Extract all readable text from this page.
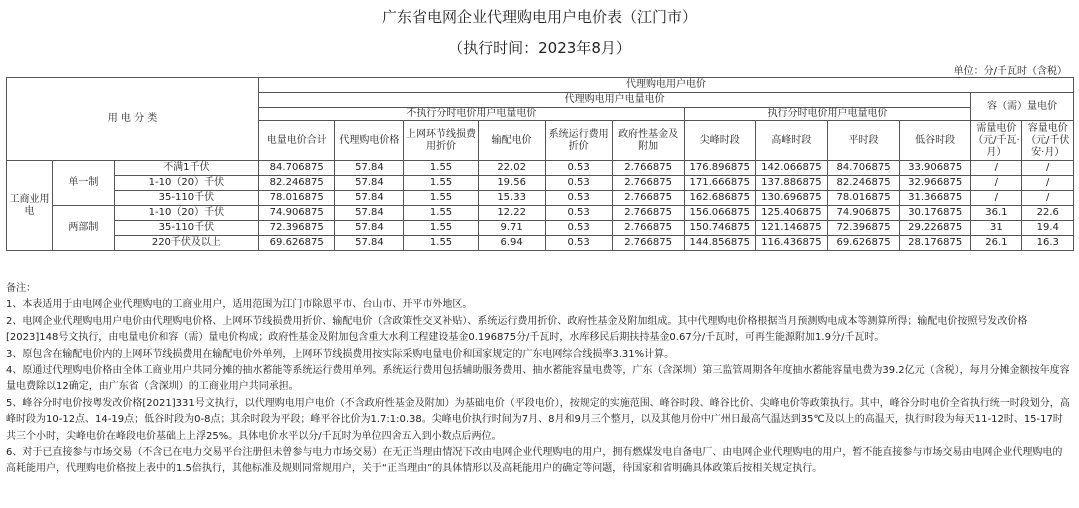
广东省电网企业代理购电用户电价表（江门市）
（执行时间：2023年8月）
单位：分/千瓦时（含税）
用 电 分 类			代理购电用户电价											
			代理购电用户电量电价										容（需）量电价	
			不执行分时电价用户电量电价						执行分时电价用户电量电价					
			电量电价合计	代理购电价格	上网环节线损费用折价	输配电价	系统运行费用折价	政府性基金及附加	尖峰时段	高峰时段	平时段	低谷时段	需量电价（元/千瓦·月）	容量电价（元/千伏安·月）
工商业用电	单一制	不满1千伏	84.706875	57.84	1.55	22.02	0.53	2.766875	176.896875	142.066875	84.706875	33.906875	/	/
		1-10（20）千伏	82.246875	57.84	1.55	19.56	0.53	2.766875	171.666875	137.886875	82.246875	32.966875	/	/
		35-110千伏	78.016875	57.84	1.55	15.33	0.53	2.766875	162.686875	130.696875	78.016875	31.366875	/	/
	两部制	1-10（20）千伏	74.906875	57.84	1.55	12.22	0.53	2.766875	156.066875	125.406875	74.906875	30.176875	36.1	22.6
		35-110千伏	72.396875	57.84	1.55	9.71	0.53	2.766875	150.746875	121.146875	72.396875	29.226875	31	19.4
		220千伏及以上	69.626875	57.84	1.55	6.94	0.53	2.766875	144.856875	116.436875	69.626875	28.176875	26.1	16.3

备注：

1、本表适用于由电网企业代理购电的工商业用户，适用范围为江门市除恩平市、台山市、开平市外地区。

2、电网企业代理购电用户电价由代理购电价格、上网环节线损费用折价、输配电价（含政策性交叉补贴）、系统运行费用折价、政府性基金及附加组成。其中代理购电价格根据当月预测购电成本等测算所得；输配电价按照号发改价格[2023]148号文执行，由电量电价和容（需）量电价构成；政府性基金及附加包含重大水利工程建设基金0.196875分/千瓦时，水库移民后期扶持基金0.67分/千瓦时，可再生能源附加1.9分/千瓦时。

3、原包含在输配电价内的上网环节线损费用在输配电价外单列，上网环节线损费用按实际采购电量电价和国家规定的广东电网综合线损率3.31%计算。

4、原通过代理购电价格由全体工商业用户共同分摊的抽水蓄能等系统运行费用单列。系统运行费用包括辅助服务费用、抽水蓄能容量电费等，广东（含深圳）第三监管周期各年度抽水蓄能容量电费为39.2亿元（含税），每月分摊金额按年度容量电费除以12确定，由广东省（含深圳）的工商业用户共同承担。

5、峰谷分时电价按粤发改价格[2021]331号文执行，以代理购电用户电价（不含政府性基金及附加）为基础电价（平段电价），按规定的实施范围、峰谷时段、峰谷比价、尖峰电价等政策执行。其中，峰谷分时电价全省执行统一时段划分，高峰时段为10-12点、14-19点；低谷时段为0-8点；其余时段为平段；峰平谷比价为1.7:1:0.38。尖峰电价执行时间为7月、8月和9月三个整月，以及其他月份中广州日最高气温达到35℃及以上的高温天，执行时段为每天11-12时、15-17时共三个小时，尖峰电价在峰段电价基础上上浮25%。具体电价水平以分/千瓦时为单位四舍五入到小数点后两位。

6、对于已直接参与市场交易（不含已在电力交易平台注册但未曾参与电力市场交易）在无正当理由情况下改由电网企业代理购电的用户，拥有燃煤发电自备电厂、由电网企业代理购电的用户，暂不能直接参与市场交易由电网企业代理购电的高耗能用户，代理购电价格按上表中的1.5倍执行，其他标准及规则同常规用户，关于“正当理由”的具体情形以及高耗能用户的确定等问题，待国家和省明确具体政策后按相关规定执行。
